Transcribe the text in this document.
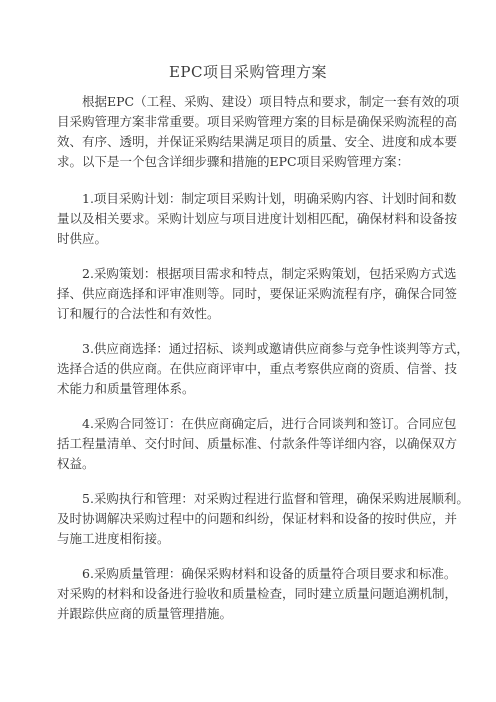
EPC项目采购管理方案
　　根据EPC（工程、采购、建设）项目特点和要求，制定一套有效的项
目采购管理方案非常重要。项目采购管理方案的目标是确保采购流程的高
效、有序、透明，并保证采购结果满足项目的质量、安全、进度和成本要
求。以下是一个包含详细步骤和措施的EPC项目采购管理方案：
　　1.项目采购计划：制定项目采购计划，明确采购内容、计划时间和数
量以及相关要求。采购计划应与项目进度计划相匹配，确保材料和设备按
时供应。
　　2.采购策划：根据项目需求和特点，制定采购策划，包括采购方式选
择、供应商选择和评审准则等。同时，要保证采购流程有序，确保合同签
订和履行的合法性和有效性。
　　3.供应商选择：通过招标、谈判或邀请供应商参与竞争性谈判等方式，
选择合适的供应商。在供应商评审中，重点考察供应商的资质、信誉、技
术能力和质量管理体系。
　　4.采购合同签订：在供应商确定后，进行合同谈判和签订。合同应包
括工程量清单、交付时间、质量标准、付款条件等详细内容，以确保双方
权益。
　　5.采购执行和管理：对采购过程进行监督和管理，确保采购进展顺利。
及时协调解决采购过程中的问题和纠纷，保证材料和设备的按时供应，并
与施工进度相衔接。
　　6.采购质量管理：确保采购材料和设备的质量符合项目要求和标准。
对采购的材料和设备进行验收和质量检查，同时建立质量问题追溯机制，
并跟踪供应商的质量管理措施。
